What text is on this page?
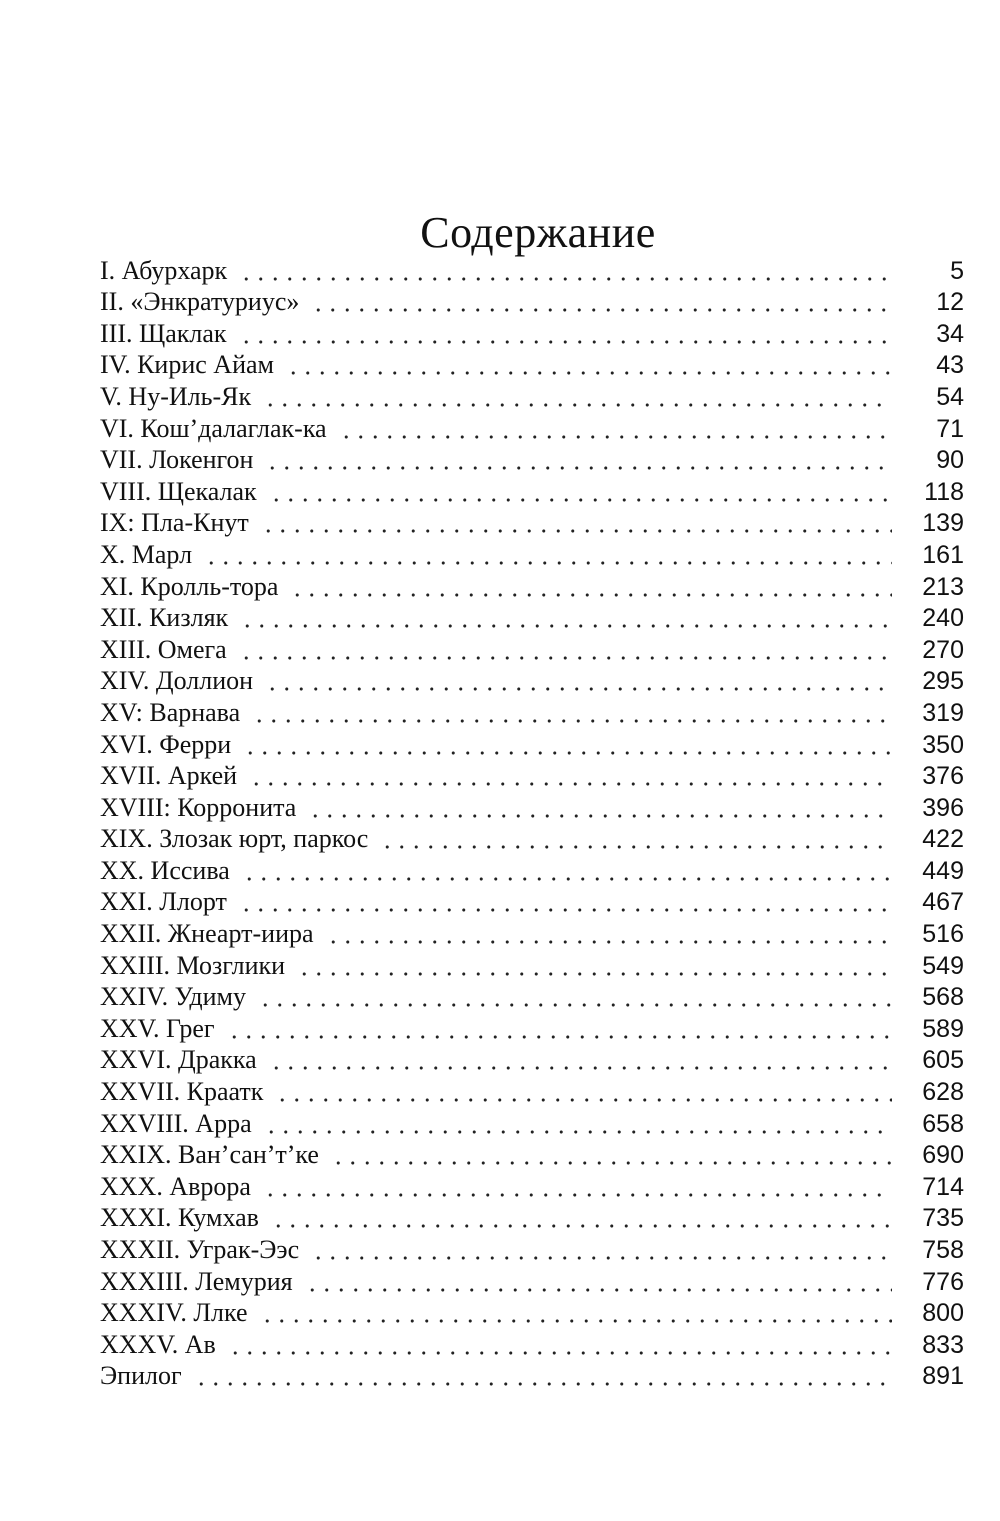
Содержание
I. Абурхарк	5
II. «Энкратуриус»	12
III. Щаклак	34
IV. Кирис Айам	43
V. Ну-Иль-Як	54
VI. Кош’далаглак-ка	71
VII. Локенгон	90
VIII. Щекалак	118
IX: Пла-Кнут	139
X. Марл	161
XI. Кролль-тора	213
XII. Кизляк	240
XIII. Омега	270
XIV. Доллион	295
XV: Варнава	319
XVI. Ферри	350
XVII. Аркей	376
XVIII: Корронита	396
XIX. Злозак юрт, паркос	422
XX. Иссива	449
XXI. Ллорт	467
XXII. Жнеарт-иира	516
XXIII. Мозглики	549
XXIV. Удиму	568
XXV. Грег	589
XXVI. Дракка	605
XXVII. Краатк	628
XXVIII. Арра	658
XXIX. Ван’сан’т’ке	690
XXX. Аврора	714
XXXI. Кумхав	735
XXXII. Уграк-Ээс	758
XXXIII. Лемурия	776
XXXIV. Ллке	800
XXXV. Ав	833
Эпилог	891
